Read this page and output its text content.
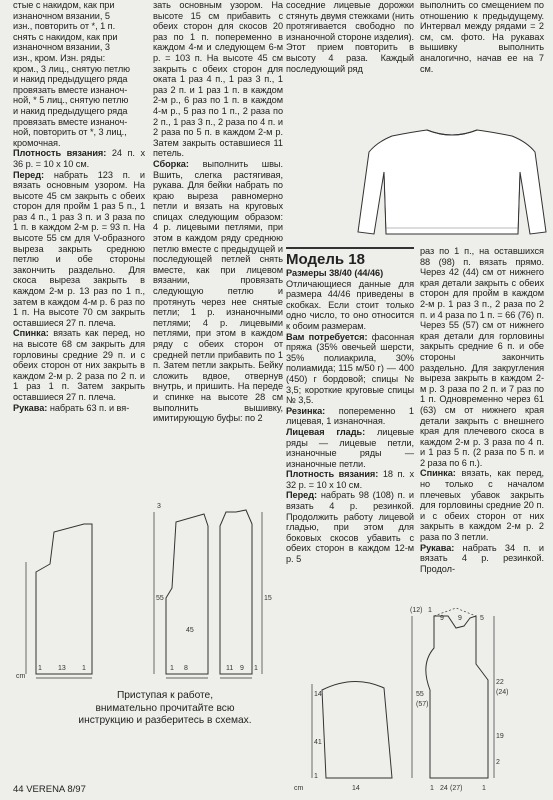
стые с накидом, как при

изнаночном вязании, 5

изн., повторить от *, 1 п.

снять с накидом, как при

изнаночном вязании, 3

изн., кром. Изн. ряды:

кром., 3 лиц., снятую петлю

и накид предыдущего ряда

провязать вместе изнаноч-

ной, * 5 лиц., снятую петлю

и накид предыдущего ряда

провязать вместе изнаноч-

ной, повторить от *, 3 лиц.,

кромочная.

Плотность вязания: 24 п. х 36 р. = 10 х 10 см.

Перед: набрать 123 п. и вязать основным узором. На высоте 45 см закрыть с обеих сторон для пройм 1 раз 5 п., 1 раз 4 п., 1 раз 3 п. и 3 раза по 1 п. в каждом 2-м р. = 93 п. На высоте 55 см для V-образного выреза закрыть среднюю петлю и обе стороны закончить раздельно. Для скоса выреза закрыть в каждом 2-м р. 13 раз по 1 п., затем в каждом 4-м р. 6 раз по 1 п. На высоте 70 см закрыть оставшиеся 27 п. плеча.

Спинка: вязать как перед, но на высоте 68 см закрыть для горловины средние 29 п. и с обеих сторон от них закрыть в каждом 2-м р. 2 раза по 2 п. и 1 раз 1 п. Затем закрыть оставшиеся 27 п. плеча.

Рукава: набрать 63 п. и вя-

зать основным узором. На высоте 15 см прибавить с обеих сторон для скосов 20 раз по 1 п. попеременно в каждом 4-м и следующем 6-м р. = 103 п. На высоте 45 см закрыть с обеих сторон для оката 1 раз 4 п., 1 раз 3 п., 1 раз 2 п. и 1 раз 1 п. в каждом 2-м р., 6 раз по 1 п. в каждом 4-м р., 5 раз по 1 п., 2 раза по 2 п., 1 раз 3 п., 2 раза по 4 п. и 2 раза по 5 п. в каждом 2-м р. Затем закрыть оставшиеся 11 петель.

Сборка: выполнить швы. Вшить, слегка растягивая, рукава. Для бейки набрать по краю выреза равномерно петли и вязать на круговых спицах следующим образом: 4 р. лицевыми петлями, при этом в каждом ряду среднюю петлю вместе с предыдущей и последующей петлей снять вместе, как при лицевом вязании, провязать следующую петлю и протянуть через нее снятые петли; 1 р. изнаночными петлями; 4 р. лицевыми петлями, при этом в каждом ряду с обеих сторон от средней петли прибавить по 1 п. Затем петли закрыть. Бейку сложить вдвое, отвернув внутрь, и пришить. На переде и спинке на высоте 28 см выполнить вышивку, имитирующую буфы: по 2

соседние лицевые дорожки стянуть двумя стежками (нить протягивается свободно по изнаночной стороне изделия). Этот прием повторить в высоту 4 раза. Каждый последующий ряд

Модель 18

Размеры 38/40 (44/46)

Отличающиеся данные для размера 44/46 приведены в скобках. Если стоит только одно число, то оно относится к обоим размерам.

Вам потребуется: фасонная пряжа (35% овечьей шерсти, 35% полиакрила, 30% полиамида; 115 м/50 г) — 400 (450) г бордовой; спицы № 3,5; короткие круговые спицы № 3,5.

Резинка: попеременно 1 лицевая, 1 изнаночная.

Лицевая гладь: лицевые ряды — лицевые петли, изнаночные ряды — изнаночные петли.

Плотность вязания: 18 п. х 32 р. = 10 х 10 см.

Перед: набрать 98 (108) п. и вязать 4 р. резинкой. Продолжить работу лицевой гладью, при этом для боковых скосов убавить с обеих сторон в каждом 12-м р. 5

выполнить со смещением по отношению к предыдущему. Интервал между рядами = 2 см, см. фото. На рукавах вышивку выполнить аналогично, начав ее на 7 см.

раз по 1 п., на оставшихся 88 (98) п. вязать прямо. Через 42 (44) см от нижнего края детали закрыть с обеих сторон для пройм в каждом 2-м р. 1 раз 3 п., 2 раза по 2 п. и 4 раза по 1 п. = 66 (76) п. Через 55 (57) см от нижнего края детали для горловины закрыть средние 6 п. и обе стороны закончить раздельно. Для закругления выреза закрыть в каждом 2-м р. 3 раза по 2 п. и 7 раз по 1 п. Одновременно через 61 (63) см от нижнего края детали закрыть с внешнего края для плечевого скоса в каждом 2-м р. 3 раза по 4 п. и 1 раз 5 п. (2 раза по 5 п. и 2 раза по 6 п.).

Спинка: вязать, как перед, но только с началом плечевых убавок закрыть для горловины средние 20 п. и с обеих сторон от них закрыть в каждом 2-м р. 2 раза по 3 петли.

Рукава: набрать 34 п. и вязать 4 р. резинкой. Продол-

cm
3
55	15
45
1 13 1	1 8	11 9 1
Приступая к работе,
внимательно прочитайте всю
инструкцию и разберитесь в схемах.
(12) 1
9 9	5
14
41
1
14
22
(24)
19
55
(57)
2
24 (27)
1	1
cm
44 VERENA 8/97
